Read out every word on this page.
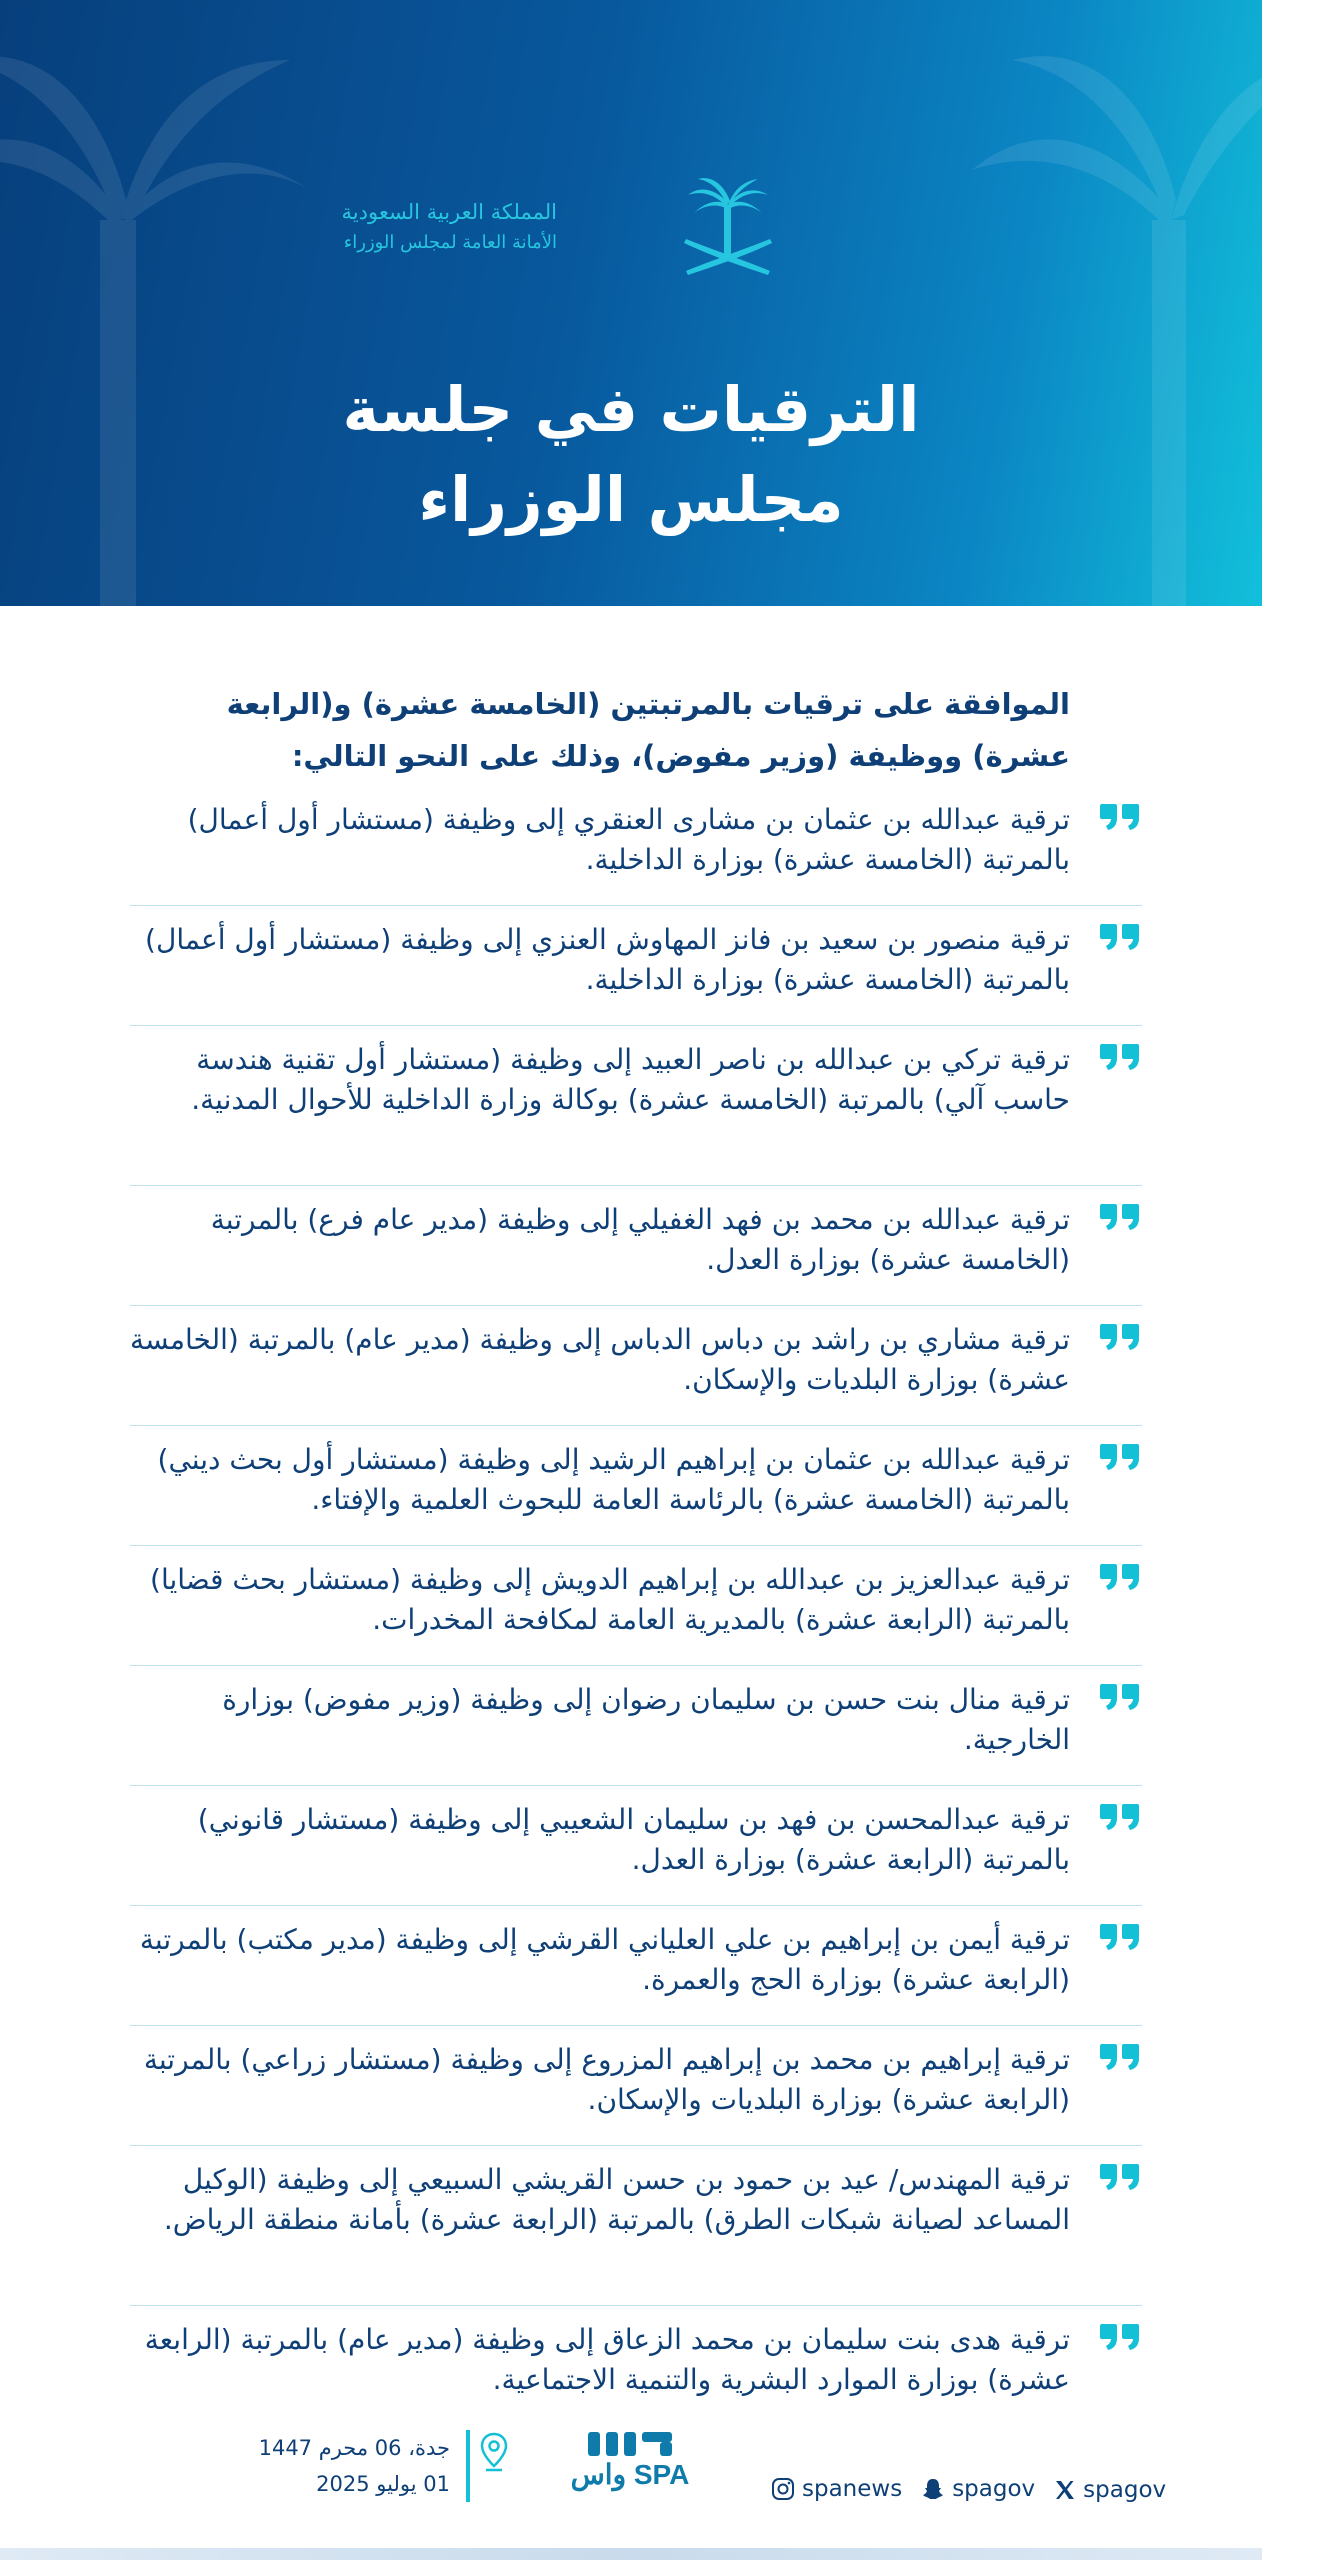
المملكة العربية السعودية
الأمانة العامة لمجلس الوزراء
الترقيات في جلسة
مجلس الوزراء
الموافقة على ترقيات بالمرتبتين (الخامسة عشرة) و(الرابعة عشرة) ووظيفة (وزير مفوض)، وذلك على النحو التالي:
ترقية عبدالله بن عثمان بن مشارى العنقري إلى وظيفة (مستشار أول أعمال) بالمرتبة (الخامسة عشرة) بوزارة الداخلية.
ترقية منصور بن سعيد بن فانز المهاوش العنزي إلى وظيفة (مستشار أول أعمال) بالمرتبة (الخامسة عشرة) بوزارة الداخلية.
ترقية تركي بن عبدالله بن ناصر العبيد إلى وظيفة (مستشار أول تقنية هندسة حاسب آلي) بالمرتبة (الخامسة عشرة) بوكالة وزارة الداخلية للأحوال المدنية.
ترقية عبدالله بن محمد بن فهد الغفيلي إلى وظيفة (مدير عام فرع) بالمرتبة (الخامسة عشرة) بوزارة العدل.
ترقية مشاري بن راشد بن دباس الدباس إلى وظيفة (مدير عام) بالمرتبة (الخامسة عشرة) بوزارة البلديات والإسكان.
ترقية عبدالله بن عثمان بن إبراهيم الرشيد إلى وظيفة (مستشار أول بحث ديني) بالمرتبة (الخامسة عشرة) بالرئاسة العامة للبحوث العلمية والإفتاء.
ترقية عبدالعزيز بن عبدالله بن إبراهيم الدويش إلى وظيفة (مستشار بحث قضايا) بالمرتبة (الرابعة عشرة) بالمديرية العامة لمكافحة المخدرات.
ترقية منال بنت حسن بن سليمان رضوان إلى وظيفة (وزير مفوض) بوزارة الخارجية.
ترقية عبدالمحسن بن فهد بن سليمان الشعيبي إلى وظيفة (مستشار قانوني) بالمرتبة (الرابعة عشرة) بوزارة العدل.
ترقية أيمن بن إبراهيم بن علي العلياني القرشي إلى وظيفة (مدير مكتب) بالمرتبة (الرابعة عشرة) بوزارة الحج والعمرة.
ترقية إبراهيم بن محمد بن إبراهيم المزروع إلى وظيفة (مستشار زراعي) بالمرتبة (الرابعة عشرة) بوزارة البلديات والإسكان.
ترقية المهندس/ عيد بن حمود بن حسن القريشي السبيعي إلى وظيفة (الوكيل المساعد لصيانة شبكات الطرق) بالمرتبة (الرابعة عشرة) بأمانة منطقة الرياض.
ترقية هدى بنت سليمان بن محمد الزعاق إلى وظيفة (مدير عام) بالمرتبة (الرابعة عشرة) بوزارة الموارد البشرية والتنمية الاجتماعية.
جدة، 06 محرم 1447
01 يوليو 2025	واس SPA	spanews spagov spagov
